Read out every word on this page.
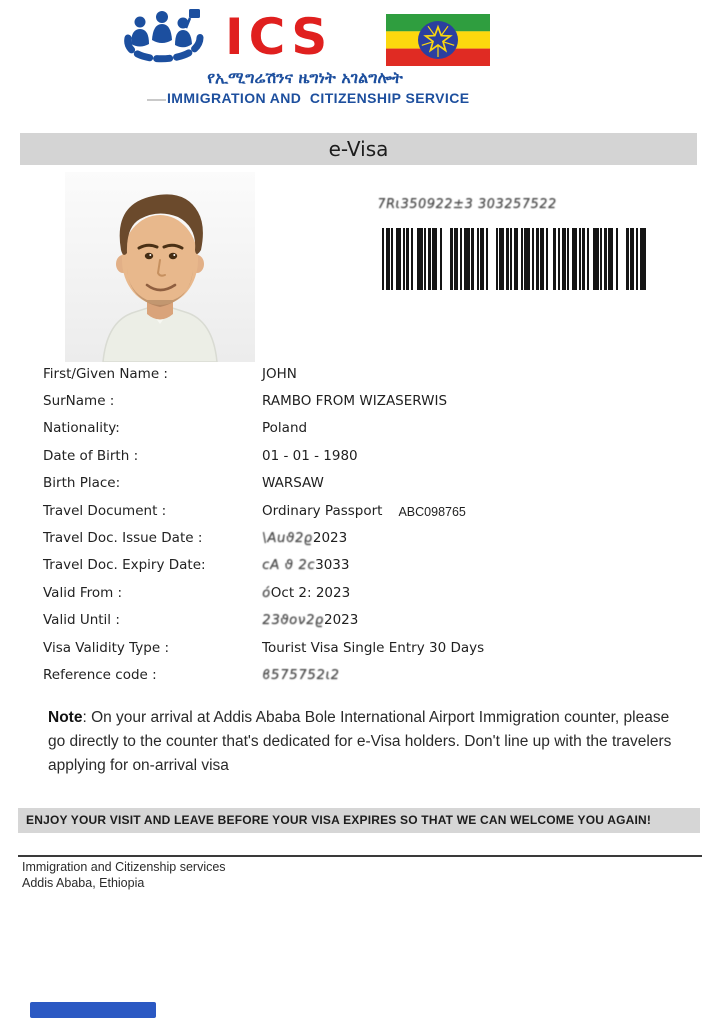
ICS
የኢሚግሬሽንና ዜግነት አገልግሎት
IMMIGRATION AND  CITIZENSHIP SERVICE
e-Visa
7Rι350922±3 303257522
First/Given Name :	JOHN
SurName :	RAMBO FROM WIZASERWIS
Nationality:	Poland
Date of Birth :	01 - 01 - 1980
Birth Place:	WARSAW
Travel Document :	Ordinary Passport ABC098765
Travel Doc. Issue Date :	\Auϑ2ϱ2023
Travel Doc. Expiry Date:	ϲA ϑ 2ϲ3033
Valid From :	όOct 2: 2023
Valid Until :	23ϑoν2ϱ2023
Visa Validity Type :	Tourist Visa Single Entry 30 Days
Reference code :	ϐ575752ι2

Note: On your arrival at Addis Ababa Bole International Airport Immigration counter, please go directly to the counter that's dedicated for e-Visa holders. Don't line up with the travelers applying for on-arrival visa

ENJOY YOUR VISIT AND LEAVE BEFORE YOUR VISA EXPIRES SO THAT WE CAN WELCOME YOU AGAIN!
Immigration and Citizenship services
Addis Ababa, Ethiopia
